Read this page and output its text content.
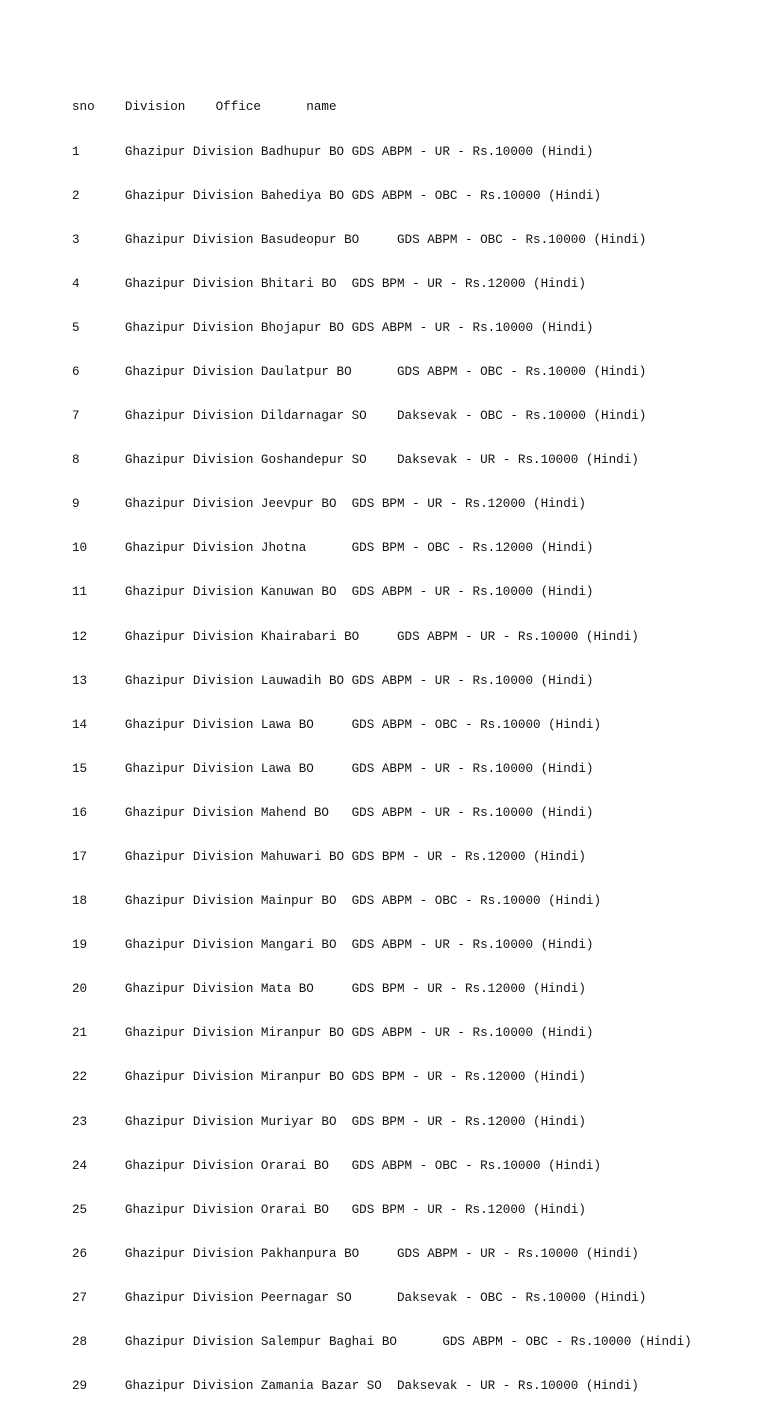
sno    Division    Office      name

1      Ghazipur Division Badhupur BO GDS ABPM - UR - Rs.10000 (Hindi)

2      Ghazipur Division Bahediya BO GDS ABPM - OBC - Rs.10000 (Hindi)

3      Ghazipur Division Basudeopur BO     GDS ABPM - OBC - Rs.10000 (Hindi)

4      Ghazipur Division Bhitari BO  GDS BPM - UR - Rs.12000 (Hindi)

5      Ghazipur Division Bhojapur BO GDS ABPM - UR - Rs.10000 (Hindi)

6      Ghazipur Division Daulatpur BO      GDS ABPM - OBC - Rs.10000 (Hindi)

7      Ghazipur Division Dildarnagar SO    Daksevak - OBC - Rs.10000 (Hindi)

8      Ghazipur Division Goshandepur SO    Daksevak - UR - Rs.10000 (Hindi)

9      Ghazipur Division Jeevpur BO  GDS BPM - UR - Rs.12000 (Hindi)

10     Ghazipur Division Jhotna      GDS BPM - OBC - Rs.12000 (Hindi)

11     Ghazipur Division Kanuwan BO  GDS ABPM - UR - Rs.10000 (Hindi)

12     Ghazipur Division Khairabari BO     GDS ABPM - UR - Rs.10000 (Hindi)

13     Ghazipur Division Lauwadih BO GDS ABPM - UR - Rs.10000 (Hindi)

14     Ghazipur Division Lawa BO     GDS ABPM - OBC - Rs.10000 (Hindi)

15     Ghazipur Division Lawa BO     GDS ABPM - UR - Rs.10000 (Hindi)

16     Ghazipur Division Mahend BO   GDS ABPM - UR - Rs.10000 (Hindi)

17     Ghazipur Division Mahuwari BO GDS BPM - UR - Rs.12000 (Hindi)

18     Ghazipur Division Mainpur BO  GDS ABPM - OBC - Rs.10000 (Hindi)

19     Ghazipur Division Mangari BO  GDS ABPM - UR - Rs.10000 (Hindi)

20     Ghazipur Division Mata BO     GDS BPM - UR - Rs.12000 (Hindi)

21     Ghazipur Division Miranpur BO GDS ABPM - UR - Rs.10000 (Hindi)

22     Ghazipur Division Miranpur BO GDS BPM - UR - Rs.12000 (Hindi)

23     Ghazipur Division Muriyar BO  GDS BPM - UR - Rs.12000 (Hindi)

24     Ghazipur Division Orarai BO   GDS ABPM - OBC - Rs.10000 (Hindi)

25     Ghazipur Division Orarai BO   GDS BPM - UR - Rs.12000 (Hindi)

26     Ghazipur Division Pakhanpura BO     GDS ABPM - UR - Rs.10000 (Hindi)

27     Ghazipur Division Peernagar SO      Daksevak - OBC - Rs.10000 (Hindi)

28     Ghazipur Division Salempur Baghai BO      GDS ABPM - OBC - Rs.10000 (Hindi)

29     Ghazipur Division Zamania Bazar SO  Daksevak - UR - Rs.10000 (Hindi)
